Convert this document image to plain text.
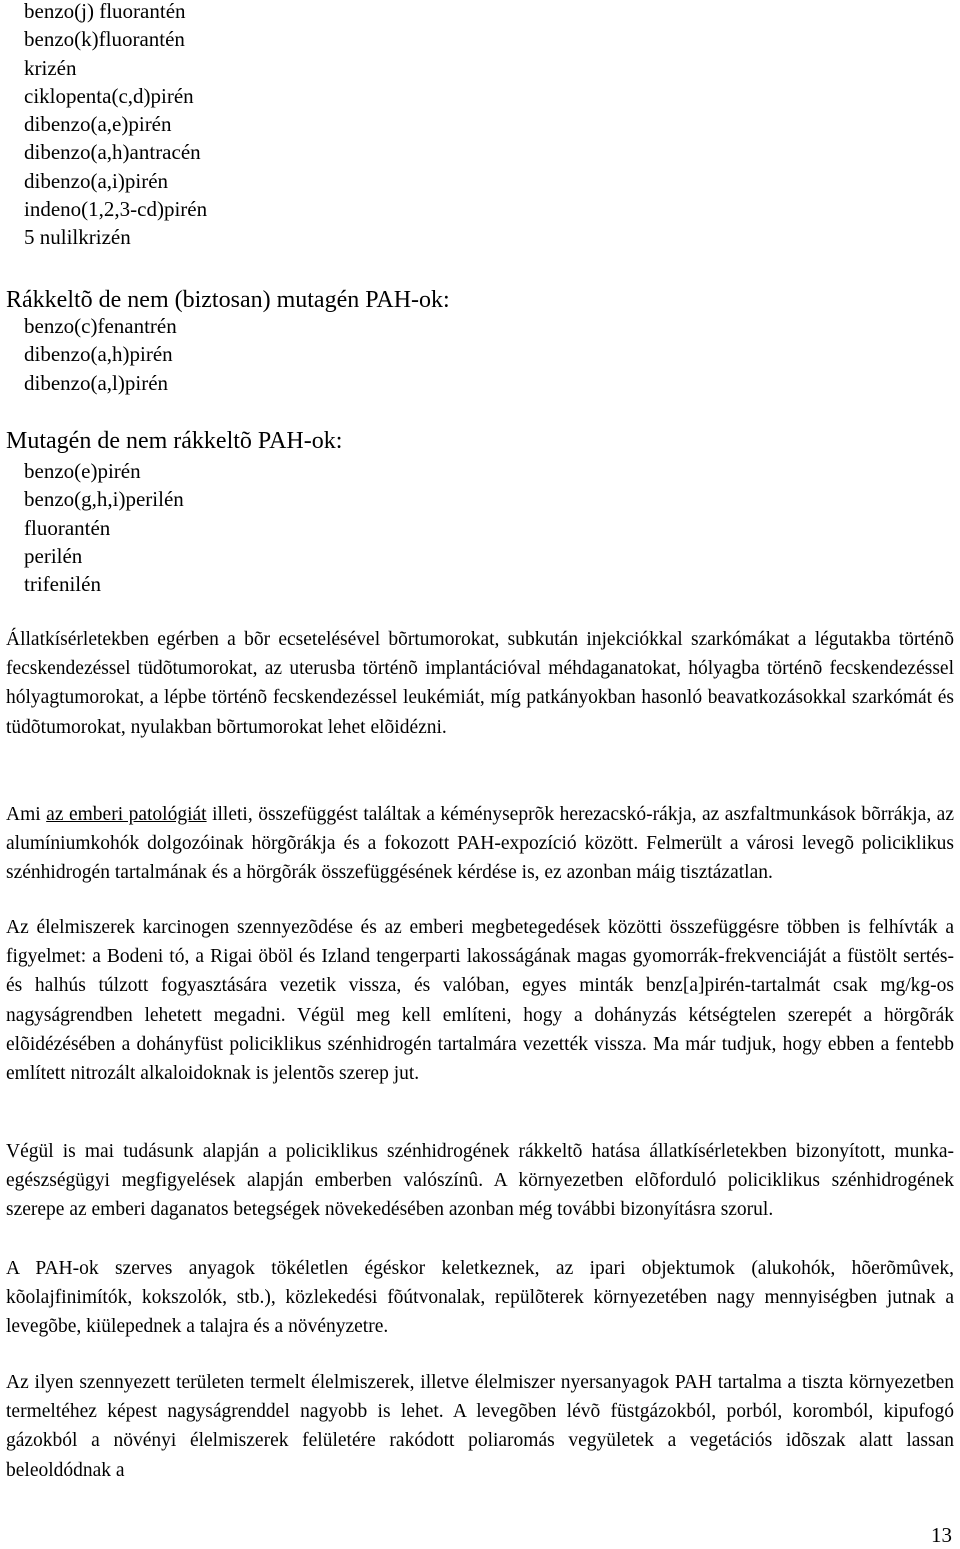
benzo(j) fluorantén
benzo(k)fluorantén
krizén
ciklopenta(c,d)pirén
dibenzo(a,e)pirén
dibenzo(a,h)antracén
dibenzo(a,i)pirén
indeno(1,2,3-cd)pirén
5 nulilkrizén
Rákkeltõ de nem (biztosan) mutagén PAH-ok:
benzo(c)fenantrén
dibenzo(a,h)pirén
dibenzo(a,l)pirén
Mutagén de nem rákkeltõ PAH-ok:
benzo(e)pirén
benzo(g,h,i)perilén
fluorantén
perilén
trifenilén
Állatkísérletekben egérben a bõr ecsetelésével bõrtumorokat, subkután injekciókkal szarkómákat a légutakba történõ fecskendezéssel tüdõtumorokat, az uterusba történõ implantációval méhdaganatokat, hólyagba történõ fecskendezéssel hólyagtumorokat, a lépbe történõ fecskendezéssel leukémiát, míg patkányokban hasonló beavatkozásokkal szarkómát és tüdõtumorokat, nyulakban bõrtumorokat lehet elõidézni.
Ami az emberi patológiát illeti, összefüggést találtak a kéményseprõk herezacskó-rákja, az aszfaltmunkások bõrrákja, az alumíniumkohók dolgozóinak hörgõrákja és a fokozott PAH-expozíció között. Felmerült a városi levegõ policiklikus szénhidrogén tartalmának és a hörgõrák összefüggésének kérdése is, ez azonban máig tisztázatlan.
Az élelmiszerek karcinogen szennyezõdése és az emberi megbetegedések közötti összefüggésre többen is felhívták a figyelmet: a Bodeni tó, a Rigai öböl és Izland tengerparti lakosságának magas gyomorrák-frekvenciáját a füstölt sertés- és halhús túlzott fogyasztására vezetik vissza, és valóban, egyes minták benz[a]pirén-tartalmát csak mg/kg-os nagyságrendben lehetett megadni. Végül meg kell említeni, hogy a dohányzás kétségtelen szerepét a hörgõrák elõidézésében a dohányfüst policiklikus szénhidrogén tartalmára vezették vissza. Ma már tudjuk, hogy ebben a fentebb említett nitrozált alkaloidoknak is jelentõs szerep jut.
Végül is mai tudásunk alapján a policiklikus szénhidrogének rákkeltõ hatása állatkísérletekben bizonyított, munka-egészségügyi megfigyelések alapján emberben valószínû. A környezetben elõforduló policiklikus szénhidrogének szerepe az emberi daganatos betegségek növekedésében azonban még további bizonyításra szorul.
A PAH-ok szerves anyagok tökéletlen égéskor keletkeznek, az ipari objektumok (alukohók, hõerõmûvek, kõolajfinimítók, kokszolók, stb.), közlekedési fõútvonalak, repülõterek környezetében nagy mennyiségben jutnak a levegõbe, kiülepednek a talajra és a növényzetre.
Az ilyen szennyezett területen termelt élelmiszerek, illetve élelmiszer nyersanyagok PAH tartalma a tiszta környezetben termeltéhez képest nagyságrenddel nagyobb is lehet. A levegõben lévõ füstgázokból, porból, koromból, kipufogó gázokból a növényi élelmiszerek felületére rakódott poliaromás vegyületek a vegetációs idõszak alatt lassan beleoldódnak a
13
